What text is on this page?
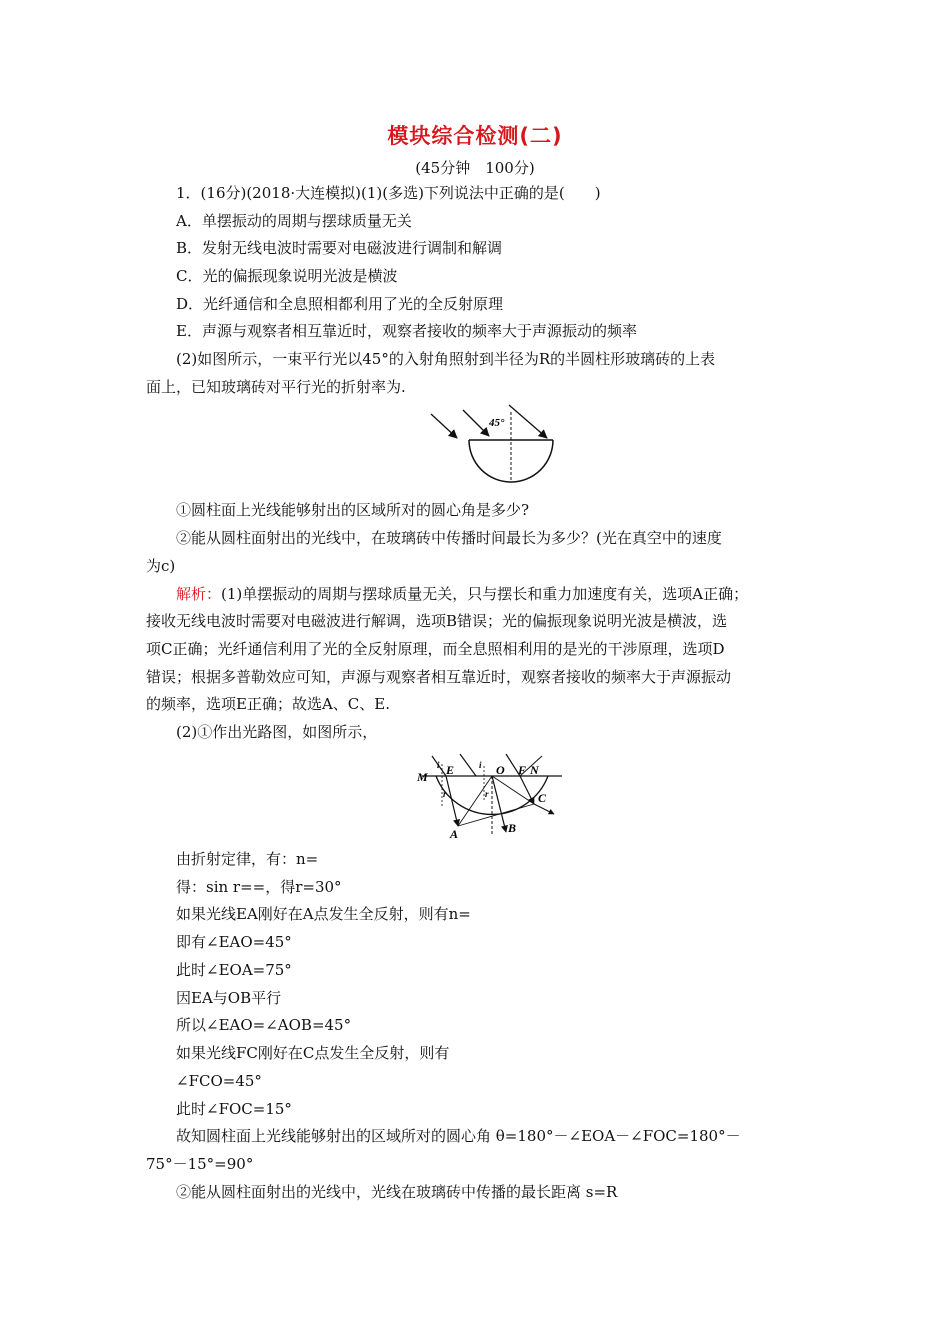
模块综合检测(二)
(45分钟　100分)
1．(16分)(2018·大连模拟)(1)(多选)下列说法中正确的是(　　)
A．单摆振动的周期与摆球质量无关
B．发射无线电波时需要对电磁波进行调制和解调
C．光的偏振现象说明光波是横波
D．光纤通信和全息照相都利用了光的全反射原理
E．声源与观察者相互靠近时，观察者接收的频率大于声源振动的频率
(2)如图所示，一束平行光以45°的入射角照射到半径为R的半圆柱形玻璃砖的上表
面上，已知玻璃砖对平行光的折射率为.
45°
①圆柱面上光线能够射出的区域所对的圆心角是多少?
②能从圆柱面射出的光线中，在玻璃砖中传播时间最长为多少？(光在真空中的速度
为c)
解析：(1)单摆振动的周期与摆球质量无关，只与摆长和重力加速度有关，选项A正确；
接收无线电波时需要对电磁波进行解调，选项B错误；光的偏振现象说明光波是横波，选
项C正确；光纤通信利用了光的全反射原理，而全息照相利用的是光的干涉原理，选项D
错误；根据多普勒效应可知，声源与观察者相互靠近时，观察者接收的频率大于声源振动
的频率，选项E正确；故选A、C、E.
(2)①作出光路图，如图所示，
M E	O F N
A	B
C
i	i
r	r
由折射定律，有：n=
得：sin r==，得r=30°
如果光线EA刚好在A点发生全反射，则有n=
即有∠EAO=45°
此时∠EOA=75°
因EA与OB平行
所以∠EAO=∠AOB=45°
如果光线FC刚好在C点发生全反射，则有
∠FCO=45°
此时∠FOC=15°
故知圆柱面上光线能够射出的区域所对的圆心角 θ=180°－∠EOA－∠FOC=180°－
75°－15°=90°
②能从圆柱面射出的光线中，光线在玻璃砖中传播的最长距离 s=R
